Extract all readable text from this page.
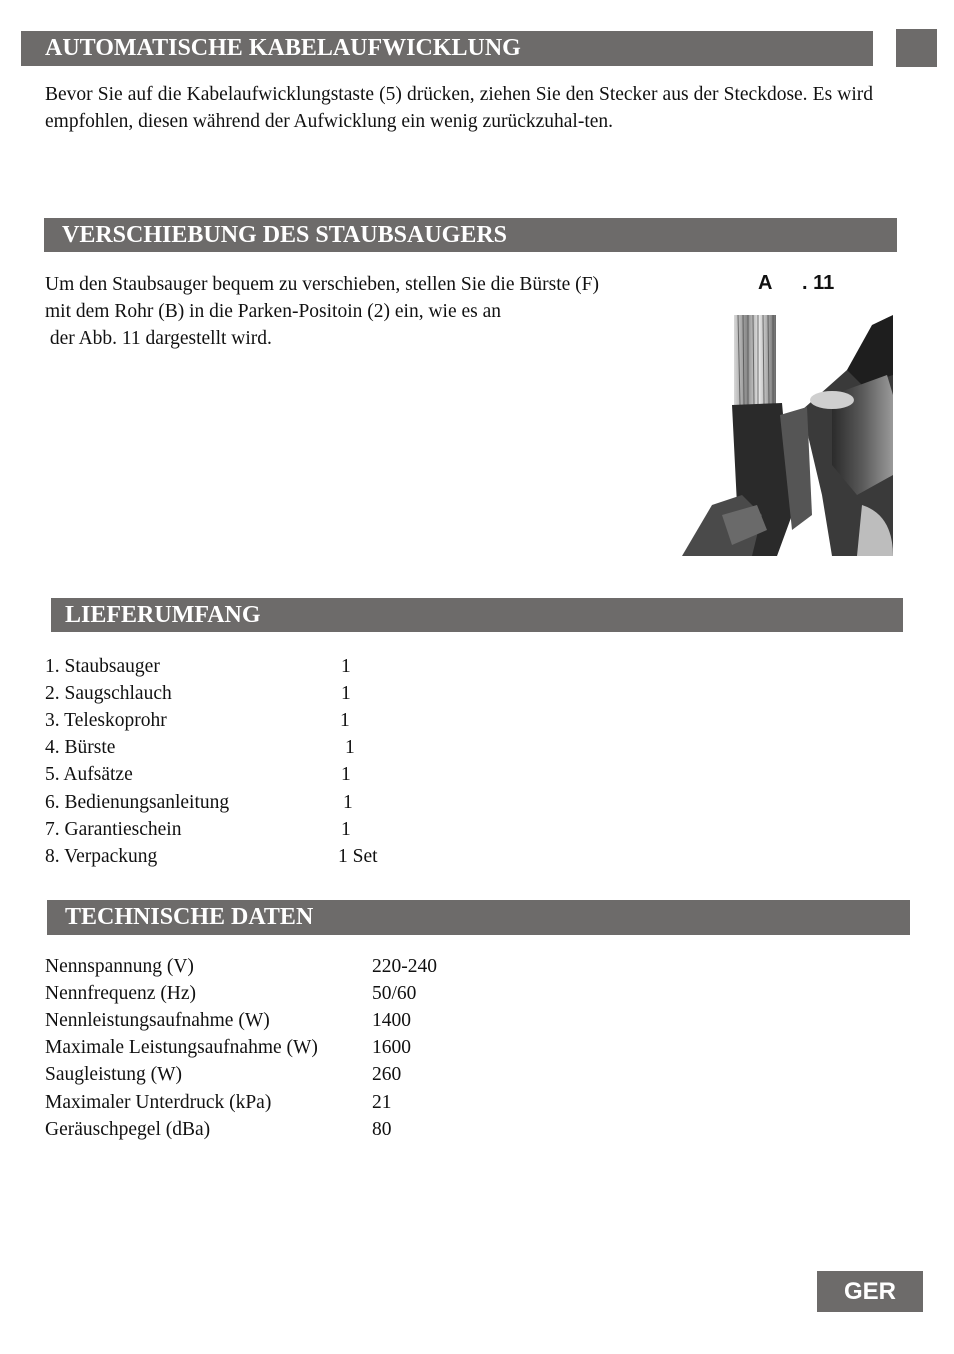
AUTOMATISCHE KABELAUFWICKLUNG

Bevor Sie auf die Kabelaufwicklungstaste (5) drücken, ziehen Sie den Stecker aus der Steckdose. Es wird empfohlen, diesen während der Aufwicklung ein wenig zurückzuhal-ten.

VERSCHIEBUNG DES STAUBSAUGERS
Um den Staubsauger bequem zu verschieben, stellen Sie die Bürste (F)
mit dem Rohr (B) in die Parken-Positoin (2) ein, wie es an
der Abb. 11 dargestellt wird.
A . 11
LIEFERUMFANG
1. Staubsauger	1
2. Saugschlauch	1
3. Teleskoprohr	1
4. Bürste	1
5. Aufsätze	1
6. Bedienungsanleitung	1
7. Garantieschein	1
8. Verpackung	1 Set
TECHNISCHE DATEN
Nennspannung (V)	220-240
Nennfrequenz (Hz)	50/60
Nennleistungsaufnahme (W)	1400
Maximale Leistungsaufnahme (W)	1600
Saugleistung (W)	260
Maximaler Unterdruck (kPa)	21
Geräuschpegel (dBa)	80
GER
